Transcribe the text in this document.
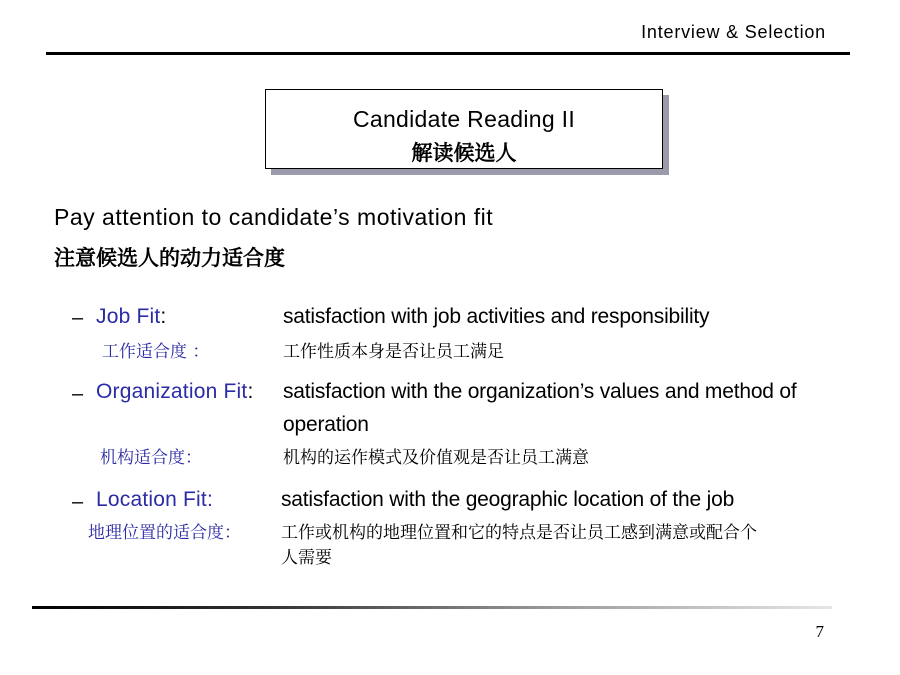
Interview & Selection
Candidate Reading II
解读候选人
Pay attention to candidate’s motivation fit
注意候选人的动力适合度
– Job Fit:	satisfaction with job activities and responsibility
工作适合度 ：	工作性质本身是否让员工满足
– Organization Fit: satisfaction with the organization’s values and method of
operation
机构适合度：	机构的运作模式及价值观是否让员工满意
– Location Fit:	satisfaction with the geographic location of the job
地理位置的适合度： 工作或机构的地理位置和它的特点是否让员工感到满意或配合个
人需要
7
